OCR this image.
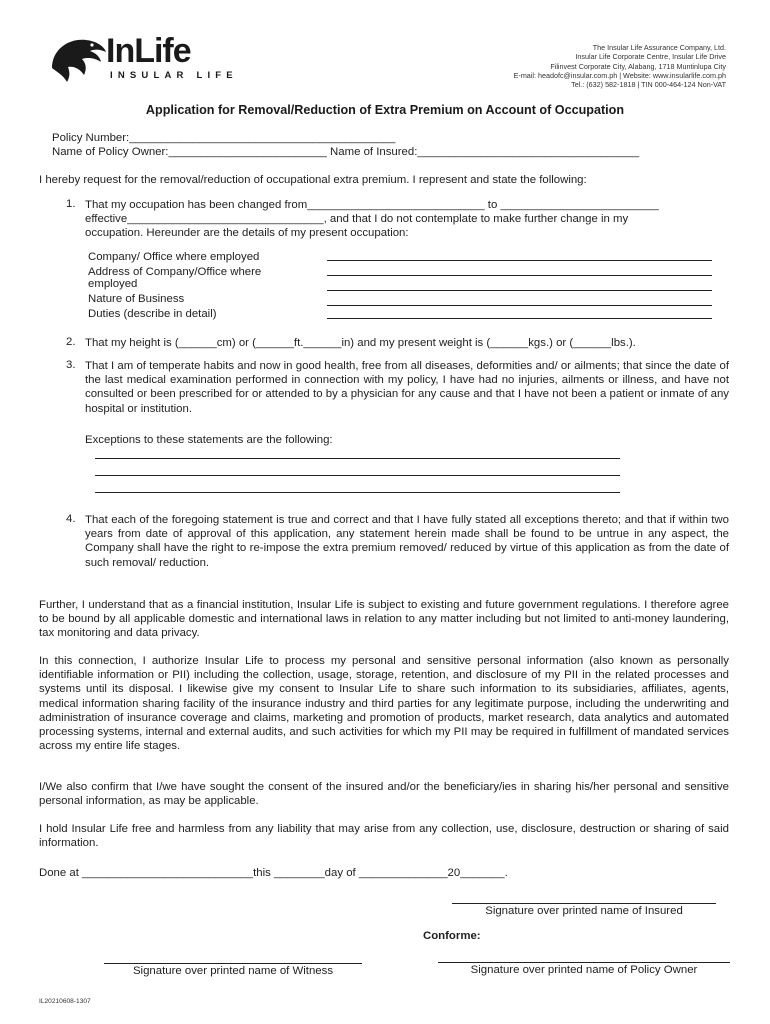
InLife
INSULAR LIFE
The Insular Life Assurance Company, Ltd.
Insular Life Corporate Centre, Insular Life Drive
Filinvest Corporate City, Alabang, 1718 Muntinlupa City
E-mail: headofc@insular.com.ph | Website: www.insularlife.com.ph
Tel.: (632) 582-1818 | TIN 000-464-124 Non-VAT
Application for Removal/Reduction of Extra Premium on Account of Occupation
Policy Number:__________________________________________
Name of Policy Owner:_________________________ Name of Insured:___________________________________
I hereby request for the removal/reduction of occupational extra premium. I represent and state the following:
1. That my occupation has been changed from____________________________ to _________________________
effective_______________________________, and that I do not contemplate to make further change in my
occupation. Hereunder are the details of my present occupation:
Company/ Office where employed
Address of Company/Office where
employed
Nature of Business
Duties (describe in detail)
2. That my height is (______cm) or (______ft.______in) and my present weight is (______kgs.) or (______lbs.).
3. That I am of temperate habits and now in good health, free from all diseases, deformities and/ or ailments; that since the date of the last medical examination performed in connection with my policy, I have had no injuries, ailments or illness, and have not consulted or been prescribed for or attended to by a physician for any cause and that I have not been a patient or inmate of any hospital or institution.
Exceptions to these statements are the following:
4. That each of the foregoing statement is true and correct and that I have fully stated all exceptions thereto; and that if within two years from date of approval of this application, any statement herein made shall be found to be untrue in any aspect, the Company shall have the right to re-impose the extra premium removed/ reduced by virtue of this application as from the date of such removal/ reduction.
Further, I understand that as a financial institution, Insular Life is subject to existing and future government regulations. I therefore agree to be bound by all applicable domestic and international laws in relation to any matter including but not limited to anti-money laundering, tax monitoring and data privacy.
In this connection, I authorize Insular Life to process my personal and sensitive personal information (also known as personally identifiable information or PII) including the collection, usage, storage, retention, and disclosure of my PII in the related processes and systems until its disposal. I likewise give my consent to Insular Life to share such information to its subsidiaries, affiliates, agents, medical information sharing facility of the insurance industry and third parties for any legitimate purpose, including the underwriting and administration of insurance coverage and claims, marketing and promotion of products, market research, data analytics and automated processing systems, internal and external audits, and such activities for which my PII may be required in fulfillment of mandated services across my entire life stages.
I/We also confirm that I/we have sought the consent of the insured and/or the beneficiary/ies in sharing his/her personal and sensitive personal information, as may be applicable.
I hold Insular Life free and harmless from any liability that may arise from any collection, use, disclosure, destruction or sharing of said information.
Done at ___________________________this ________day of ______________20_______.
Signature over printed name of Insured
Conforme:
Signature over printed name of Witness	Signature over printed name of Policy Owner
IL20210608-1307
